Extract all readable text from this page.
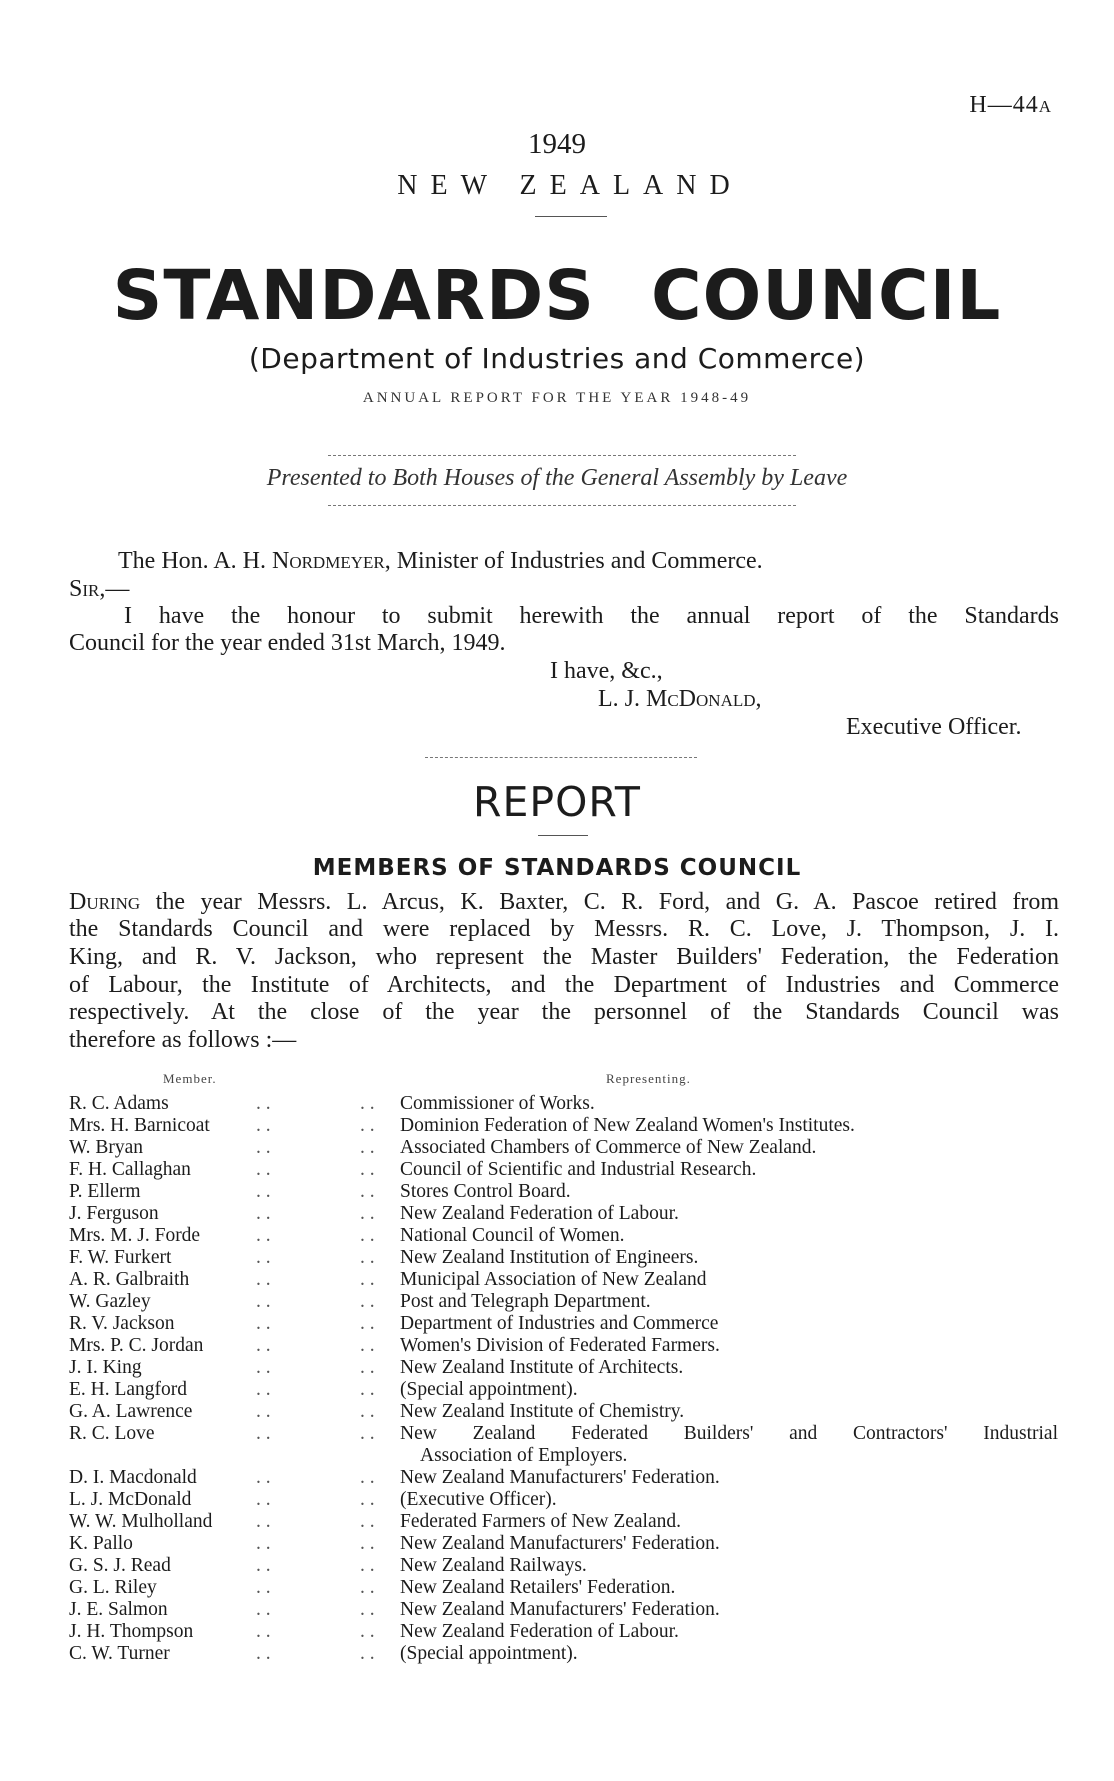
H—44A
1949
NEW ZEALAND
STANDARDS COUNCIL
(Department of Industries and Commerce)
ANNUAL REPORT FOR THE YEAR 1948-49
Presented to Both Houses of the General Assembly by Leave
The Hon. A. H. Nordmeyer, Minister of Industries and Commerce.
Sir,—
I have the honour to submit herewith the annual report of the Standards
Council for the year ended 31st March, 1949.
I have, &c.,
L. J. McDonald,
Executive Officer.
REPORT
MEMBERS OF STANDARDS COUNCIL
During the year Messrs. L. Arcus, K. Baxter, C. R. Ford, and G. A. Pascoe retired from
the Standards Council and were replaced by Messrs. R. C. Love, J. Thompson, J. I.
King, and R. V. Jackson, who represent the Master Builders' Federation, the Federation
of Labour, the Institute of Architects, and the Department of Industries and Commerce
respectively. At the close of the year the personnel of the Standards Council was
therefore as follows :—
Member.	Representing.
R. C. Adams	. .	. . Commissioner of Works.
Mrs. H. Barnicoat . .	. . Dominion Federation of New Zealand Women's Institutes.
W. Bryan	. .	. . Associated Chambers of Commerce of New Zealand.
F. H. Callaghan	. .	. . Council of Scientific and Industrial Research.
P. Ellerm	. .	. . Stores Control Board.
J. Ferguson	. .	. . New Zealand Federation of Labour.
Mrs. M. J. Forde	. .	. . National Council of Women.
F. W. Furkert	. .	. . New Zealand Institution of Engineers.
A. R. Galbraith	. .	. . Municipal Association of New Zealand
W. Gazley	. .	. . Post and Telegraph Department.
R. V. Jackson	. .	. . Department of Industries and Commerce
Mrs. P. C. Jordan	. .	. . Women's Division of Federated Farmers.
J. I. King	. .	. . New Zealand Institute of Architects.
E. H. Langford	. .	. . (Special appointment).
G. A. Lawrence	. .	. . New Zealand Institute of Chemistry.
R. C. Love	. .	. . New Zealand Federated Builders' and Contractors' Industrial
Association of Employers.
D. I. Macdonald	. .	. . New Zealand Manufacturers' Federation.
L. J. McDonald	. .	. . (Executive Officer).
W. W. Mulholland . .	. . Federated Farmers of New Zealand.
K. Pallo	. .	. . New Zealand Manufacturers' Federation.
G. S. J. Read	. .	. . New Zealand Railways.
G. L. Riley	. .	. . New Zealand Retailers' Federation.
J. E. Salmon	. .	. . New Zealand Manufacturers' Federation.
J. H. Thompson	. .	. . New Zealand Federation of Labour.
C. W. Turner	. .	. . (Special appointment).
